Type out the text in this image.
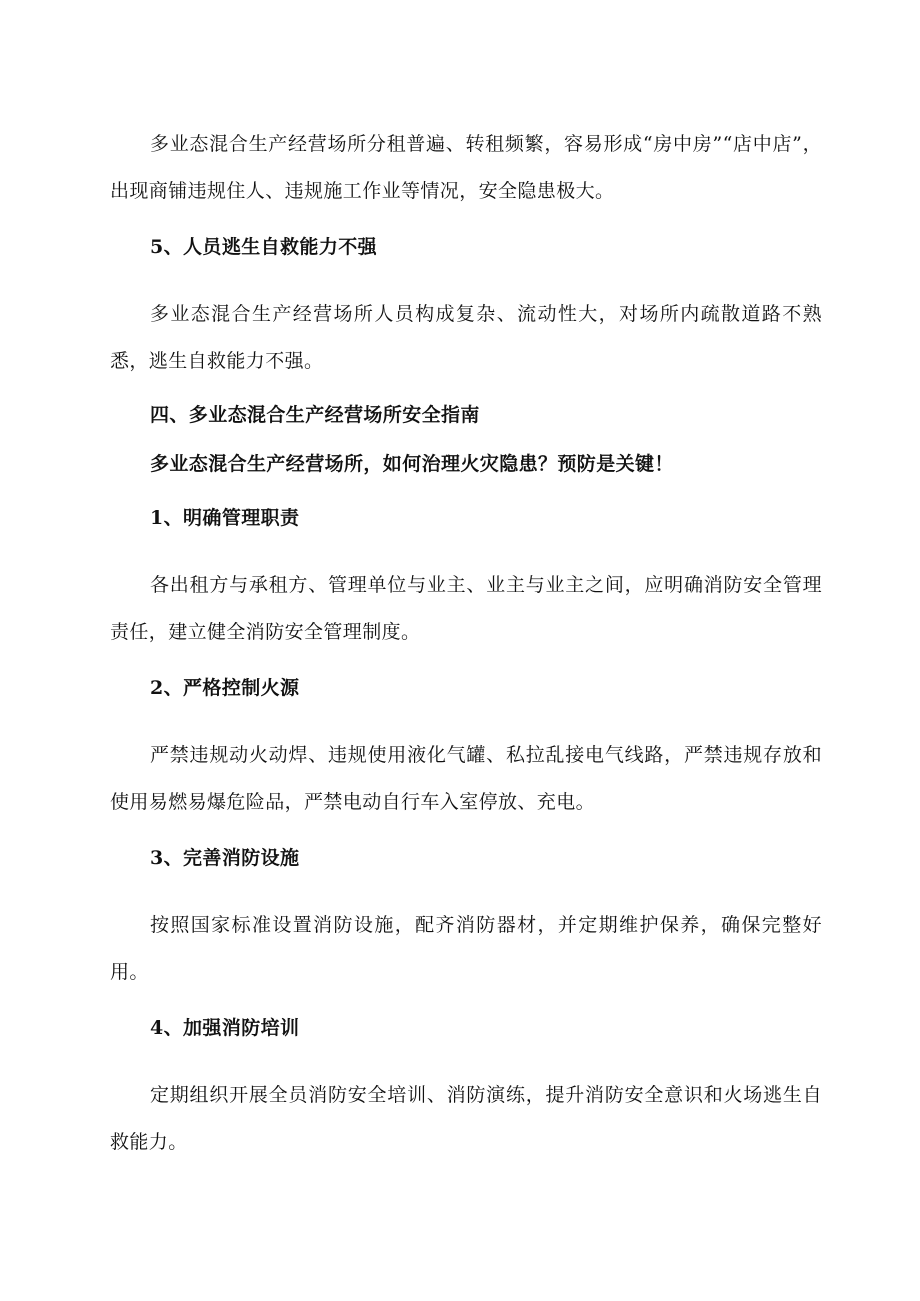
多业态混合生产经营场所分租普遍、转租频繁，容易形成“房中房”“店中店”，出现商铺违规住人、违规施工作业等情况，安全隐患极大。

5、人员逃生自救能力不强

多业态混合生产经营场所人员构成复杂、流动性大，对场所内疏散道路不熟悉，逃生自救能力不强。

四、多业态混合生产经营场所安全指南

多业态混合生产经营场所，如何治理火灾隐患？预防是关键！

1、明确管理职责

各出租方与承租方、管理单位与业主、业主与业主之间，应明确消防安全管理责任，建立健全消防安全管理制度。

2、严格控制火源

严禁违规动火动焊、违规使用液化气罐、私拉乱接电气线路，严禁违规存放和使用易燃易爆危险品，严禁电动自行车入室停放、充电。

3、完善消防设施

按照国家标准设置消防设施，配齐消防器材，并定期维护保养，确保完整好用。

4、加强消防培训

定期组织开展全员消防安全培训、消防演练，提升消防安全意识和火场逃生自救能力。
